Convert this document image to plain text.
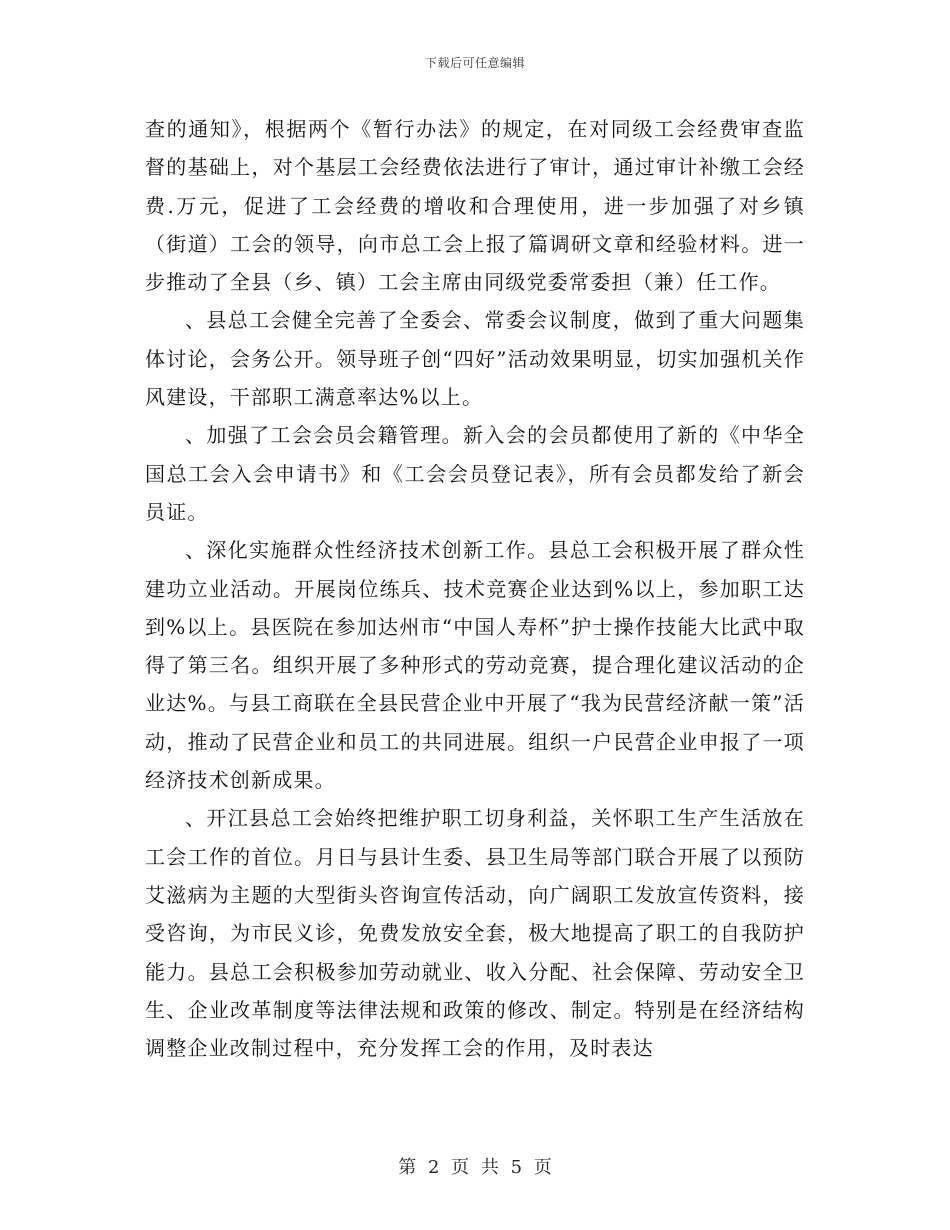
下载后可任意编辑

查的通知》，根据两个《暂行办法》的规定，在对同级工会经费审查监督的基础上，对个基层工会经费依法进行了审计，通过审计补缴工会经费.万元，促进了工会经费的增收和合理使用，进一步加强了对乡镇（街道）工会的领导，向市总工会上报了篇调研文章和经验材料。进一步推动了全县（乡、镇）工会主席由同级党委常委担（兼）任工作。

、县总工会健全完善了全委会、常委会议制度，做到了重大问题集体讨论，会务公开。领导班子创“四好”活动效果明显，切实加强机关作风建设，干部职工满意率达%以上。

、加强了工会会员会籍管理。新入会的会员都使用了新的《中华全国总工会入会申请书》和《工会会员登记表》，所有会员都发给了新会员证。

、深化实施群众性经济技术创新工作。县总工会积极开展了群众性建功立业活动。开展岗位练兵、技术竞赛企业达到%以上，参加职工达到%以上。县医院在参加达州市“中国人寿杯”护士操作技能大比武中取得了第三名。组织开展了多种形式的劳动竞赛，提合理化建议活动的企业达%。与县工商联在全县民营企业中开展了“我为民营经济献一策”活动，推动了民营企业和员工的共同进展。组织一户民营企业申报了一项经济技术创新成果。

、开江县总工会始终把维护职工切身利益，关怀职工生产生活放在工会工作的首位。月日与县计生委、县卫生局等部门联合开展了以预防艾滋病为主题的大型街头咨询宣传活动，向广阔职工发放宣传资料，接受咨询，为市民义诊，免费发放安全套，极大地提高了职工的自我防护能力。县总工会积极参加劳动就业、收入分配、社会保障、劳动安全卫生、企业改革制度等法律法规和政策的修改、制定。特别是在经济结构调整企业改制过程中，充分发挥工会的作用，及时表达

第 2 页 共 5 页
